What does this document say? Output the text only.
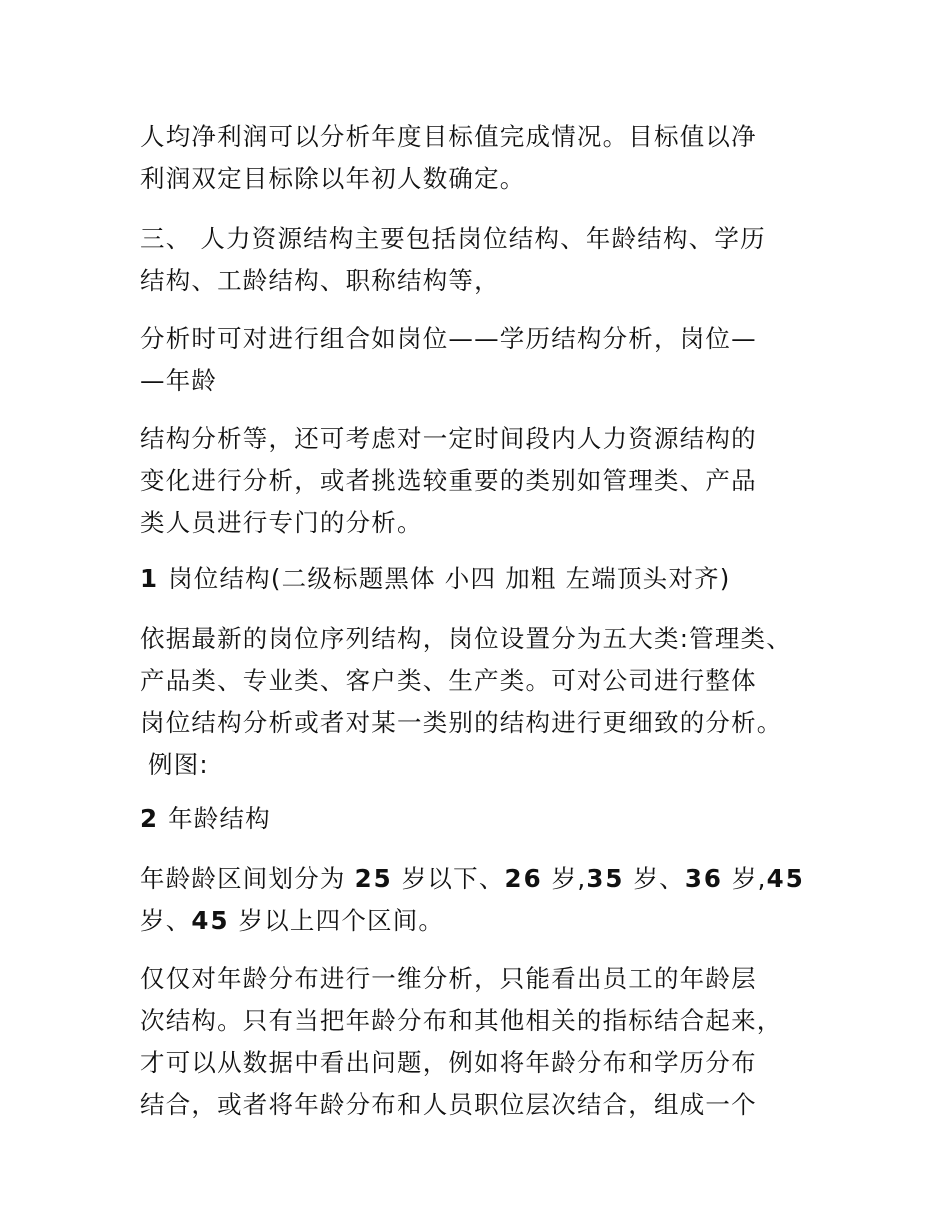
人均净利润可以分析年度目标值完成情况。目标值以净
利润双定目标除以年初人数确定。
三、 人力资源结构主要包括岗位结构、年龄结构、学历
结构、工龄结构、职称结构等，
分析时可对进行组合如岗位——学历结构分析，岗位—
—年龄
结构分析等，还可考虑对一定时间段内人力资源结构的
变化进行分析，或者挑选较重要的类别如管理类、产品
类人员进行专门的分析。
1 岗位结构(二级标题黑体 小四 加粗 左端顶头对齐)
依据最新的岗位序列结构，岗位设置分为五大类:管理类、
产品类、专业类、客户类、生产类。可对公司进行整体
岗位结构分析或者对某一类别的结构进行更细致的分析。
例图:
2 年龄结构
年龄龄区间划分为 25 岁以下、26 岁,35 岁、36 岁,45
岁、45 岁以上四个区间。
仅仅对年龄分布进行一维分析，只能看出员工的年龄层
次结构。只有当把年龄分布和其他相关的指标结合起来，
才可以从数据中看出问题，例如将年龄分布和学历分布
结合，或者将年龄分布和人员职位层次结合，组成一个
